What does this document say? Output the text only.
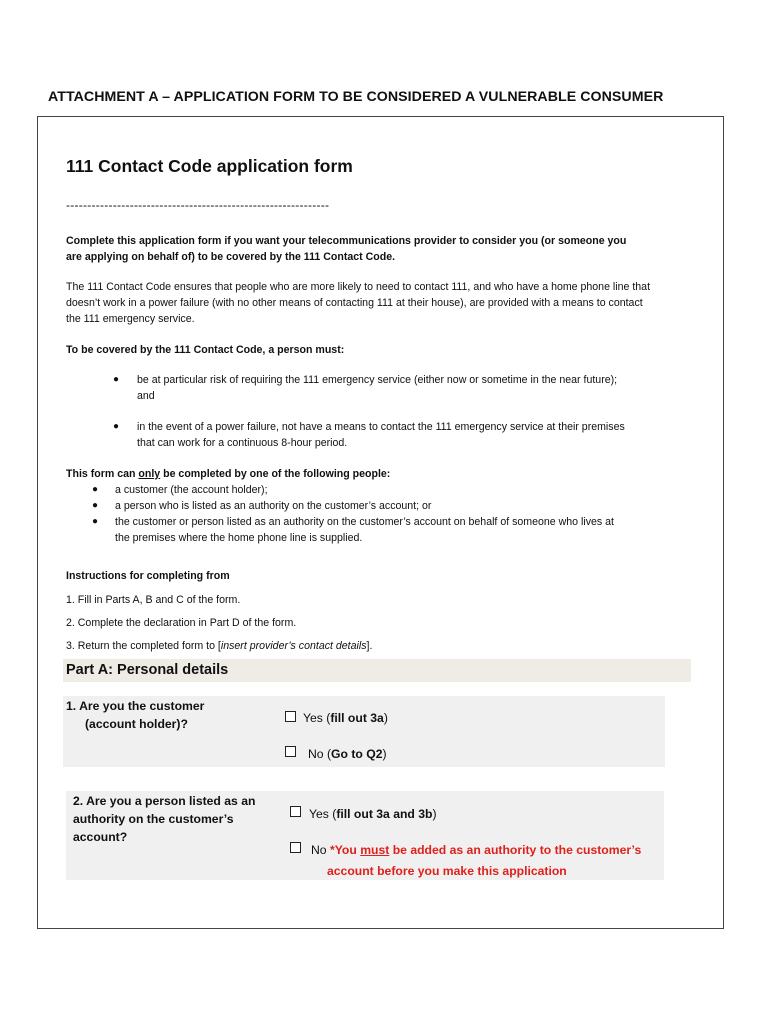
ATTACHMENT A – APPLICATION FORM TO BE CONSIDERED A VULNERABLE CONSUMER
111 Contact Code application form
--------------------------------------------------------------
Complete this application form if you want your telecommunications provider to consider you (or someone you
are applying on behalf of) to be covered by the 111 Contact Code.
The 111 Contact Code ensures that people who are more likely to need to contact 111, and who have a home phone line that
doesn’t work in a power failure (with no other means of contacting 111 at their house), are provided with a means to contact
the 111 emergency service.
To be covered by the 111 Contact Code, a person must:
● be at particular risk of requiring the 111 emergency service (either now or sometime in the near future);
and
● in the event of a power failure, not have a means to contact the 111 emergency service at their premises
that can work for a continuous 8-hour period.
This form can only be completed by one of the following people:
●
●
●
a customer (the account holder);
a person who is listed as an authority on the customer’s account; or
the customer or person listed as an authority on the customer’s account on behalf of someone who lives at
the premises where the home phone line is supplied.
Instructions for completing from
1. Fill in Parts A, B and C of the form.
2. Complete the declaration in Part D of the form.
3. Return the completed form to [insert provider’s contact details].
Part A: Personal details
1. Are you the customer
(account holder)?	Yes (fill out 3a)
No (Go to Q2)
2. Are you a person listed as an
authority on the customer’s
account?
Yes (fill out 3a and 3b)
No *You must be added as an authority to the customer’s
account before you make this application
